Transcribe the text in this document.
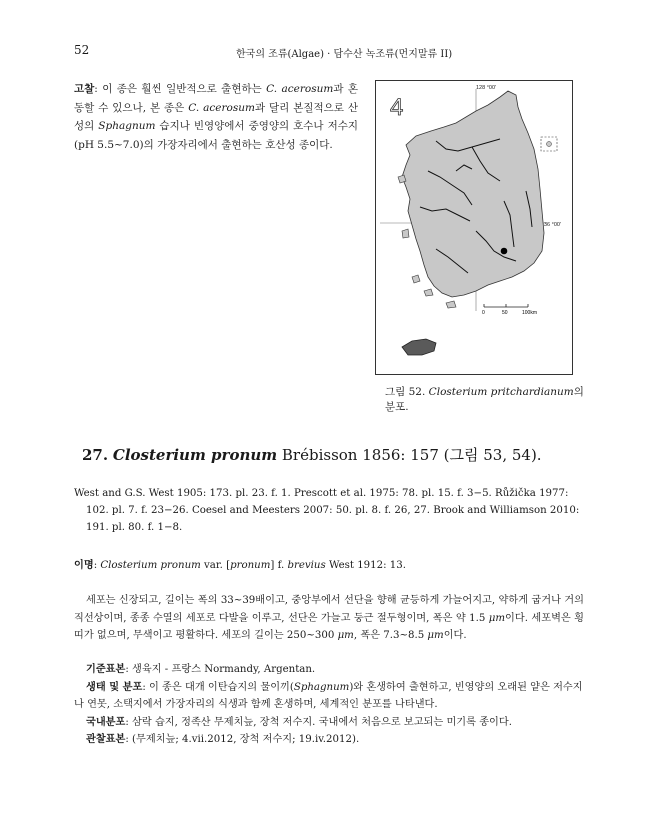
52	한국의 조류(Algae) · 담수산 녹조류(먼지말류 II)
고찰: 이 종은 훨씬 일반적으로 출현하는 C. acerosum과 혼동할 수 있으나, 본 종은 C. acerosum과 달리 본질적으로 산성의 Sphagnum 습지나 빈영양에서 중영양의 호수나 저수지(pH 5.5~7.0)의 가장자리에서 출현하는 호산성 종이다.
4
128 °00'
36 °00'
0	50	100km
그림 52. Closterium pritchardianum의 분포.
27. Closterium pronum Brébisson 1856: 157 (그림 53, 54).
West and G.S. West 1905: 173. pl. 23. f. 1. Prescott et al. 1975: 78. pl. 15. f. 3−5. Růžička 1977: 102. pl. 7. f. 23−26. Coesel and Meesters 2007: 50. pl. 8. f. 26, 27. Brook and Williamson 2010: 191. pl. 80. f. 1−8.
이명: Closterium pronum var. [pronum] f. brevius West 1912: 13.
세포는 신장되고, 길이는 폭의 33~39배이고, 중앙부에서 선단을 향해 균등하게 가늘어지고, 약하게 굽거나 거의 직선상이며, 종종 수열의 세포로 다발을 이루고, 선단은 가늘고 둥근 절두형이며, 폭은 약 1.5 μm이다. 세포벽은 횡띠가 없으며, 무색이고 평활하다. 세포의 길이는 250~300 μm, 폭은 7.3~8.5 μm이다.
기준표본: 생육지 - 프랑스 Normandy, Argentan.
생태 및 분포: 이 종은 대개 이탄습지의 물이끼(Sphagnum)와 혼생하여 출현하고, 빈영양의 오래된 얕은 저수지나 연못, 소택지에서 가장자리의 식생과 함께 혼생하며, 세계적인 분포를 나타낸다.
국내분포: 삼락 습지, 정족산 무제치늪, 장척 저수지. 국내에서 처음으로 보고되는 미기록 종이다.
관찰표본: (무제치늪; 4.vii.2012, 장척 저수지; 19.iv.2012).
